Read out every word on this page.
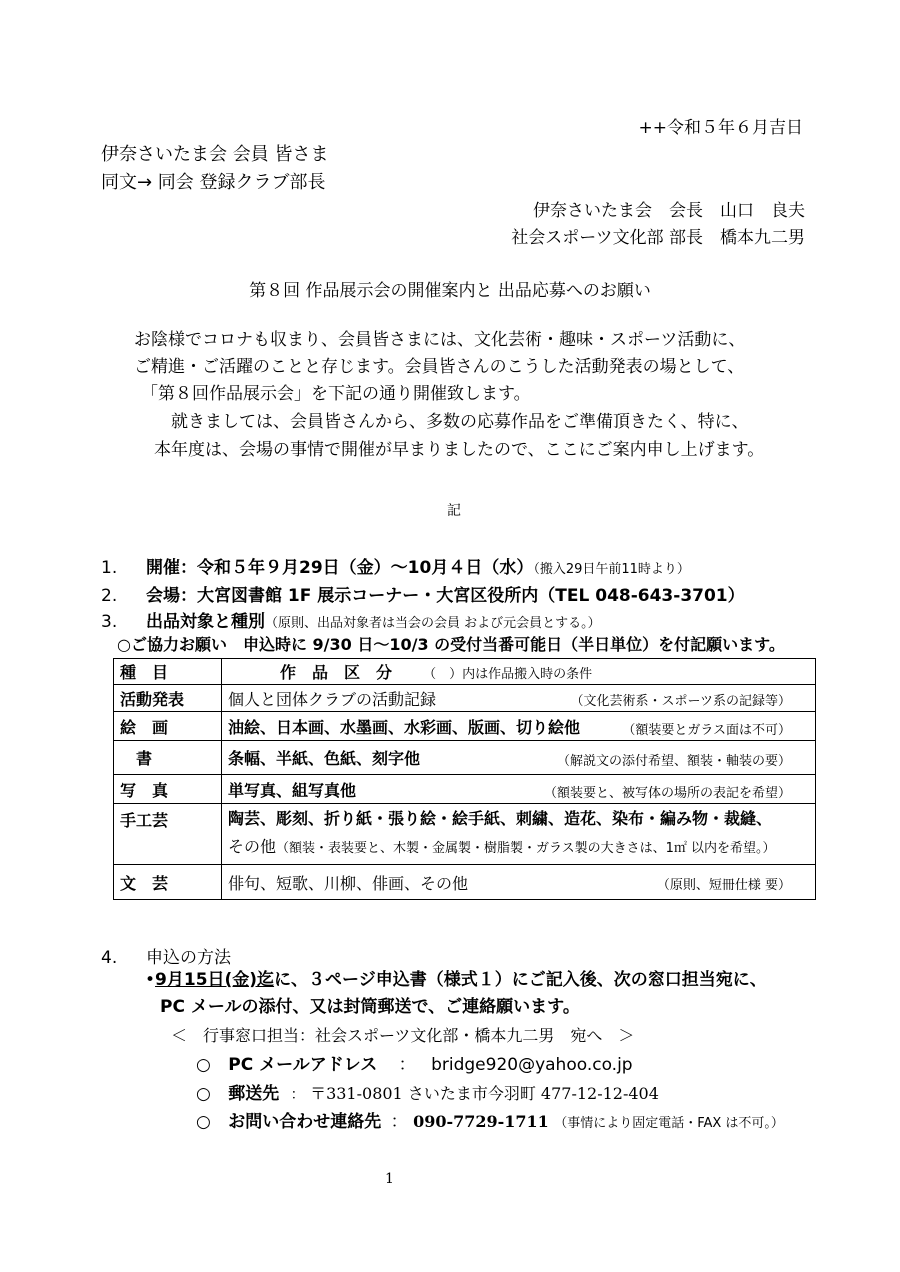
++令和５年６月吉日
伊奈さいたま会 会員 皆さま
同文→ 同会 登録クラブ部長
伊奈さいたま会　会長　山口　良夫
社会スポーツ文化部 部長　橋本九二男
第８回 作品展示会の開催案内と 出品応募へのお願い
お陰様でコロナも収まり、会員皆さまには、文化芸術・趣味・スポーツ活動に、
ご精進・ご活躍のことと存じます。会員皆さんのこうした活動発表の場として、
「第８回作品展示会」を下記の通り開催致します。
　就きましては、会員皆さんから、多数の応募作品をご準備頂きたく、特に、
本年度は、会場の事情で開催が早まりましたので、ここにご案内申し上げます。
記
1. 開催：令和５年９月29日（金）～10月４日（水）（搬入29日午前11時より）
2. 会場：大宮図書館 1F 展示コーナー・大宮区役所内（TEL 048-643-3701）
3. 出品対象と種別（原則、出品対象者は当会の会員 および元会員とする。）
○ご協力お願い　申込時に 9/30 日～10/3 の受付当番可能日（半日単位）を付記願います。
種　目	作　品　区　分 （　）内は作品搬入時の条件
活動発表	個人と団体クラブの活動記録 （文化芸術系・スポーツ系の記録等）

絵　画	油絵、日本画、水墨画、水彩画、版画、切り絵他 （額装要とガラス面は不可）

書	条幅、半紙、色紙、刻字他 （解説文の添付希望、額装・軸装の要）

写　真	単写真、組写真他 （額装要と、被写体の場所の表記を希望）

手工芸	陶芸、彫刻、折り紙・張り絵・絵手紙、刺繍、造花、染布・編み物・裁縫、
その他（額装・表装要と、木製・金属製・樹脂製・ガラス製の大きさは、1㎡ 以内を希望。）
文　芸	俳句、短歌、川柳、俳画、その他 （原則、短冊仕様 要）
4. 申込の方法
•9月15日(金)迄に、３ページ申込書（様式１）にご記入後、次の窓口担当宛に、
PC メールの添付、又は封筒郵送で、ご連絡願います。
＜　行事窓口担当：社会スポーツ文化部・橋本九二男　宛へ　＞
○ PC メールアドレス ： bridge920@yahoo.co.jp
○ 郵送先 ： 〒331-0801 さいたま市今羽町 477-12-12-404
○ お問い合わせ連絡先 ： 090-7729-1711 （事情により固定電話・FAX は不可。）
1
